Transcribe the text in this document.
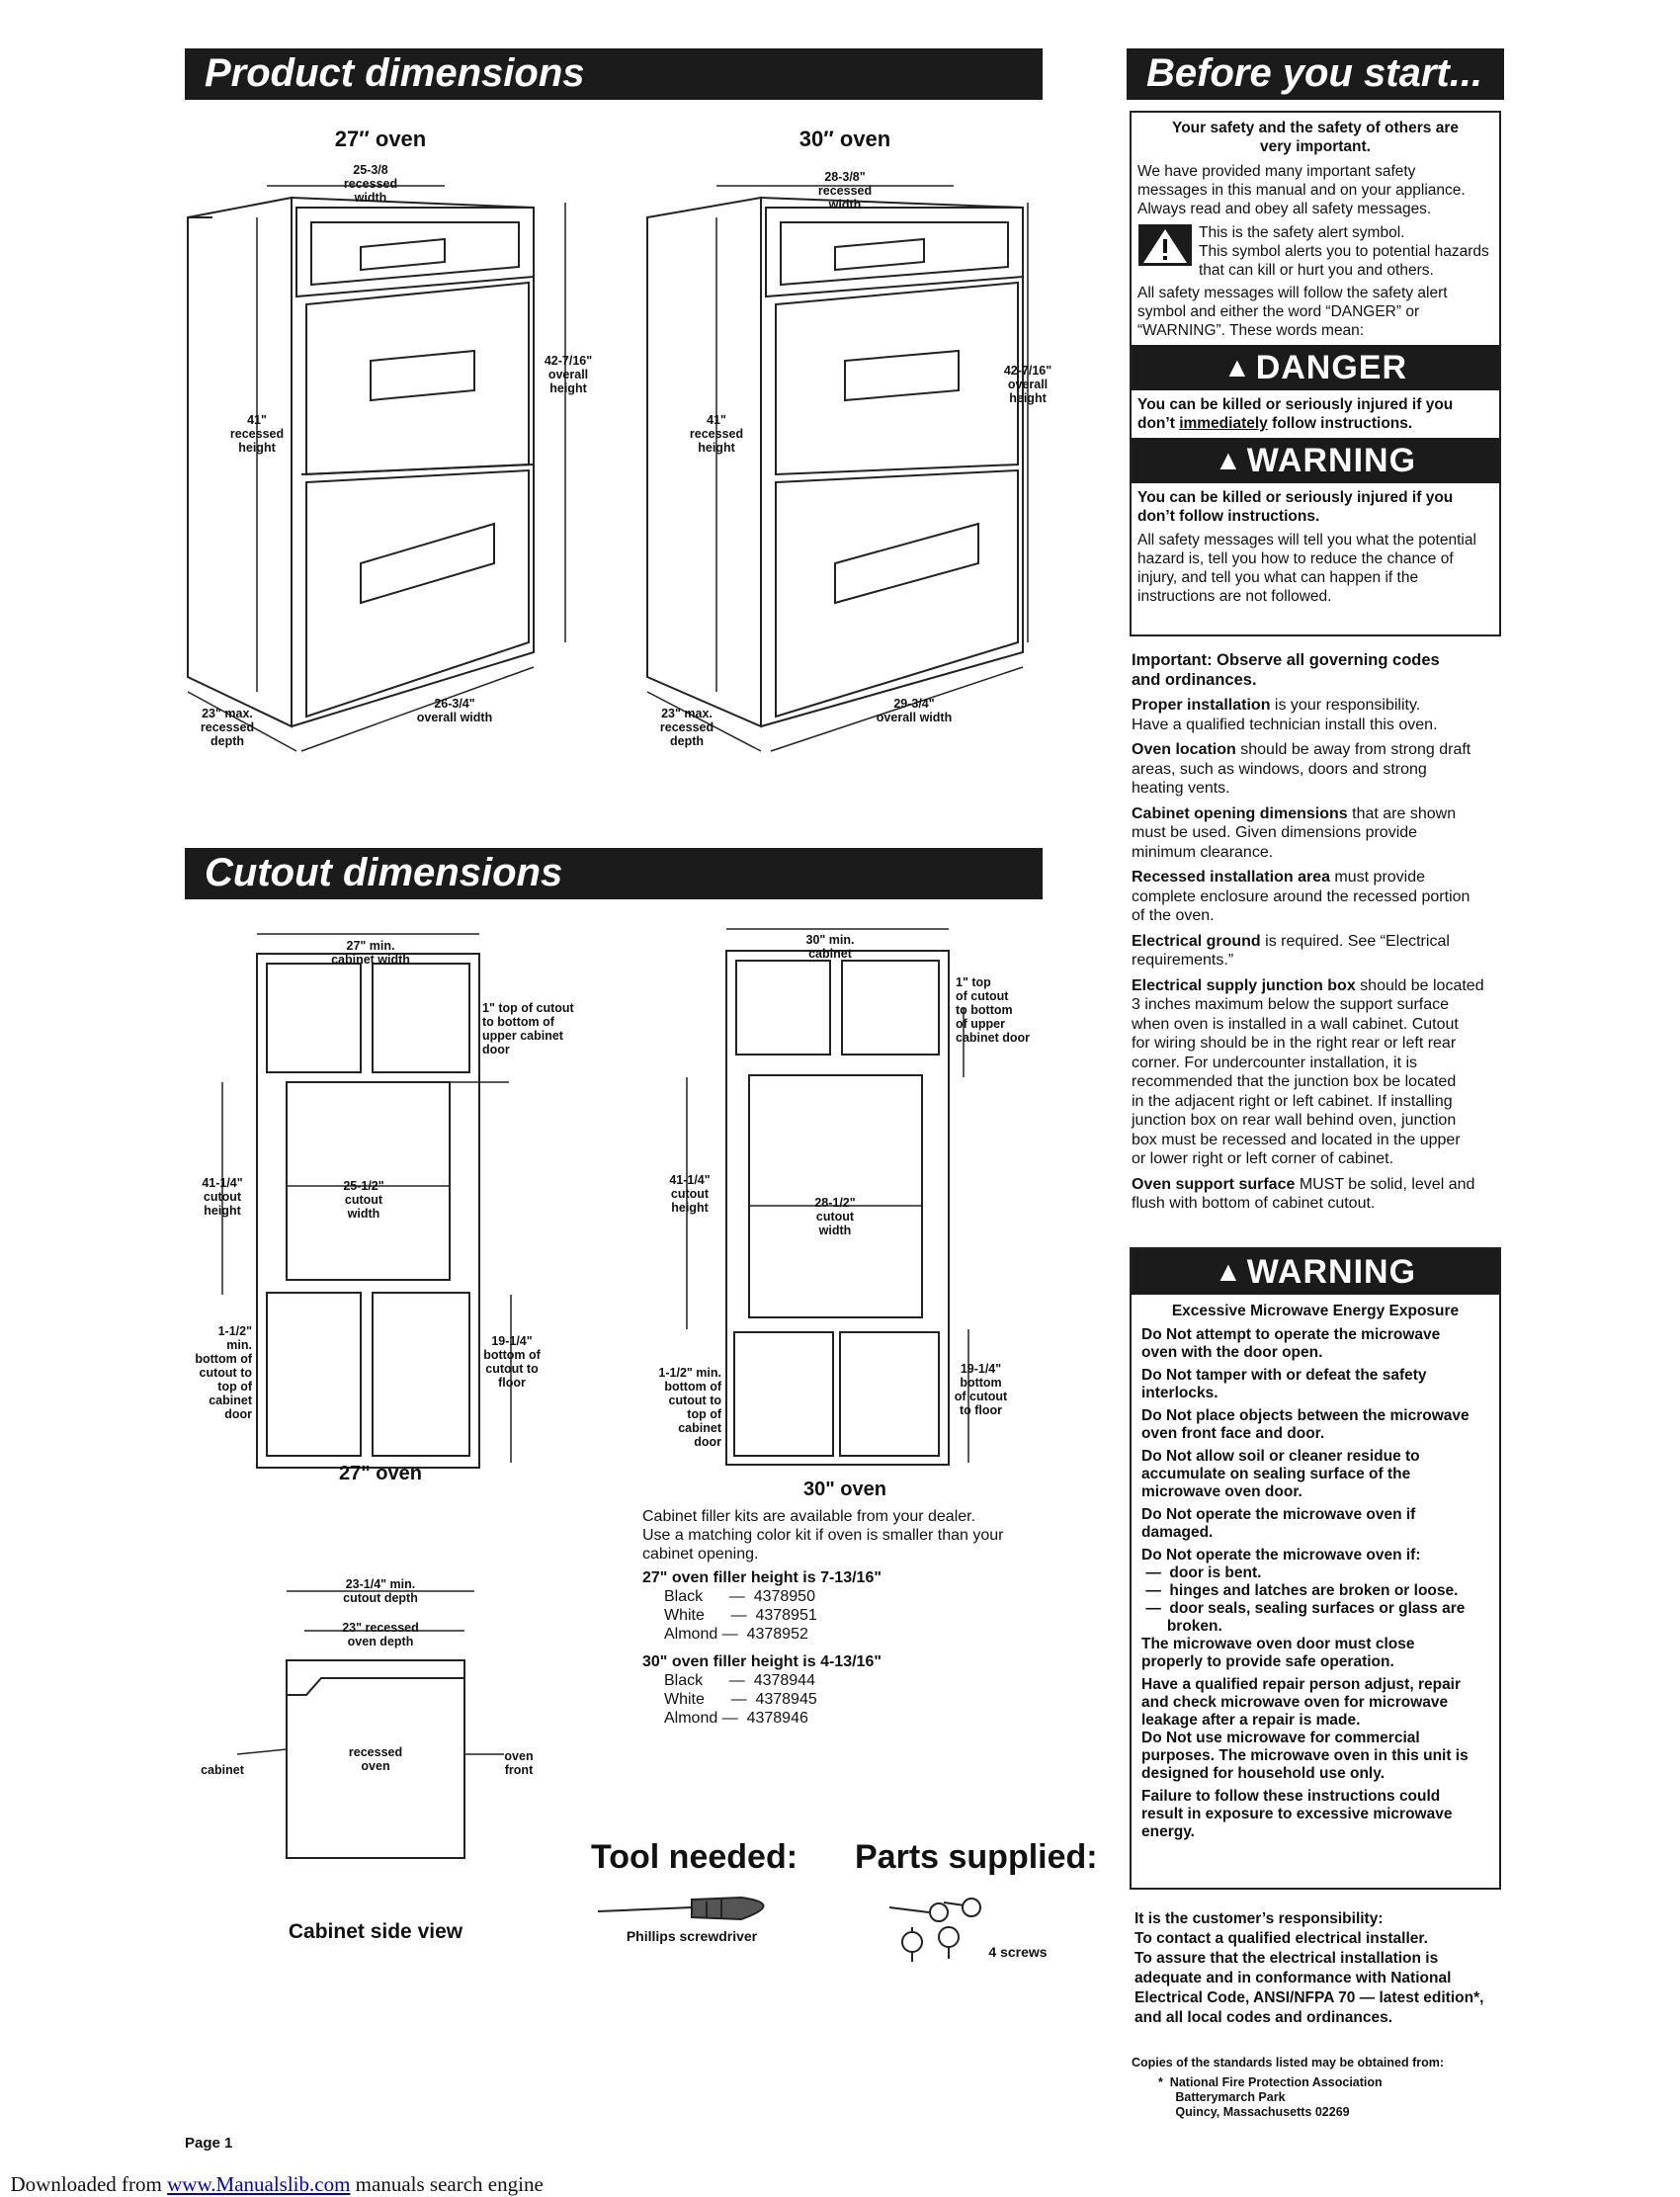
Product dimensions
27″ oven	30″ oven
25-3/8
recessed
width
42-7/16"
overall
height
41"
recessed
height
23" max.
recessed
depth
26-3/4"
overall width
28-3/8"
recessed
width
42-7/16"
overall
height
41"
recessed
height
23" max.
recessed
depth
29-3/4"
overall width
Cutout dimensions
27" min.
cabinet width
1" top of cutout
to bottom of
upper cabinet
door
41-1/4"
cutout
height
25-1/2"
cutout
width
1-1/2"
min.
bottom of
cutout to
top of
cabinet
door
19-1/4"
bottom of
cutout to
floor
27" oven
30" min.
cabinet
1" top
of cutout
to bottom
of upper
cabinet door
41-1/4"
cutout
height	28-1/2"
cutout
width
1-1/2" min.
bottom of
cutout to
top of
cabinet
door
19-1/4"
bottom
of cutout
to floor
30" oven
23-1/4" min.
cutout depth
23" recessed
oven depth
cabinet
recessed
oven
oven
front
Cabinet side view
Cabinet filler kits are available from your dealer.
Use a matching color kit if oven is smaller than your
cabinet opening.
27" oven filler height is 7-13/16"
Black      —  4378950
White      —  4378951
Almond —  4378952
30" oven filler height is 4-13/16"
Black      —  4378944
White      —  4378945
Almond —  4378946
Tool needed: Parts supplied:
Phillips screwdriver
4 screws
Before you start...
Your safety and the safety of others are
very important.
We have provided many important safety
messages in this manual and on your appliance.
Always read and obey all safety messages.
This is the safety alert symbol.
This symbol alerts you to potential hazards
that can kill or hurt you and others.
All safety messages will follow the safety alert
symbol and either the word “DANGER” or
“WARNING”. These words mean:
▲ DANGER
You can be killed or seriously injured if you
don’t immediately follow instructions.
▲ WARNING
You can be killed or seriously injured if you
don’t follow instructions.
All safety messages will tell you what the potential
hazard is, tell you how to reduce the chance of
injury, and tell you what can happen if the
instructions are not followed.
Important: Observe all governing codes
and ordinances.
Proper installation is your responsibility.
Have a qualified technician install this oven.
Oven location should be away from strong draft
areas, such as windows, doors and strong
heating vents.
Cabinet opening dimensions that are shown
must be used. Given dimensions provide
minimum clearance.
Recessed installation area must provide
complete enclosure around the recessed portion
of the oven.
Electrical ground is required. See “Electrical
requirements.”
Electrical supply junction box should be located
3 inches maximum below the support surface
when oven is installed in a wall cabinet. Cutout
for wiring should be in the right rear or left rear
corner. For undercounter installation, it is
recommended that the junction box be located
in the adjacent right or left cabinet. If installing
junction box on rear wall behind oven, junction
box must be recessed and located in the upper
or lower right or left corner of cabinet.
Oven support surface MUST be solid, level and
flush with bottom of cabinet cutout.
▲ WARNING
Excessive Microwave Energy Exposure

Do Not attempt to operate the microwave
oven with the door open.

Do Not tamper with or defeat the safety
interlocks.

Do Not place objects between the microwave
oven front face and door.

Do Not allow soil or cleaner residue to
accumulate on sealing surface of the
microwave oven door.

Do Not operate the microwave oven if
damaged.

Do Not operate the microwave oven if:
—  door is bent.
—  hinges and latches are broken or loose.
—  door seals, sealing surfaces or glass are
broken.
The microwave oven door must close
properly to provide safe operation.

Have a qualified repair person adjust, repair
and check microwave oven for microwave
leakage after a repair is made.
Do Not use microwave for commercial
purposes. The microwave oven in this unit is
designed for household use only.

Failure to follow these instructions could
result in exposure to excessive microwave
energy.

It is the customer’s responsibility:
To contact a qualified electrical installer.
To assure that the electrical installation is
adequate and in conformance with National
Electrical Code, ANSI/NFPA 70 — latest edition*,
and all local codes and ordinances.
Copies of the standards listed may be obtained from:
*  National Fire Protection Association
Batterymarch Park
Quincy, Massachusetts 02269
Page 1

Downloaded from www.Manualslib.com manuals search engine
